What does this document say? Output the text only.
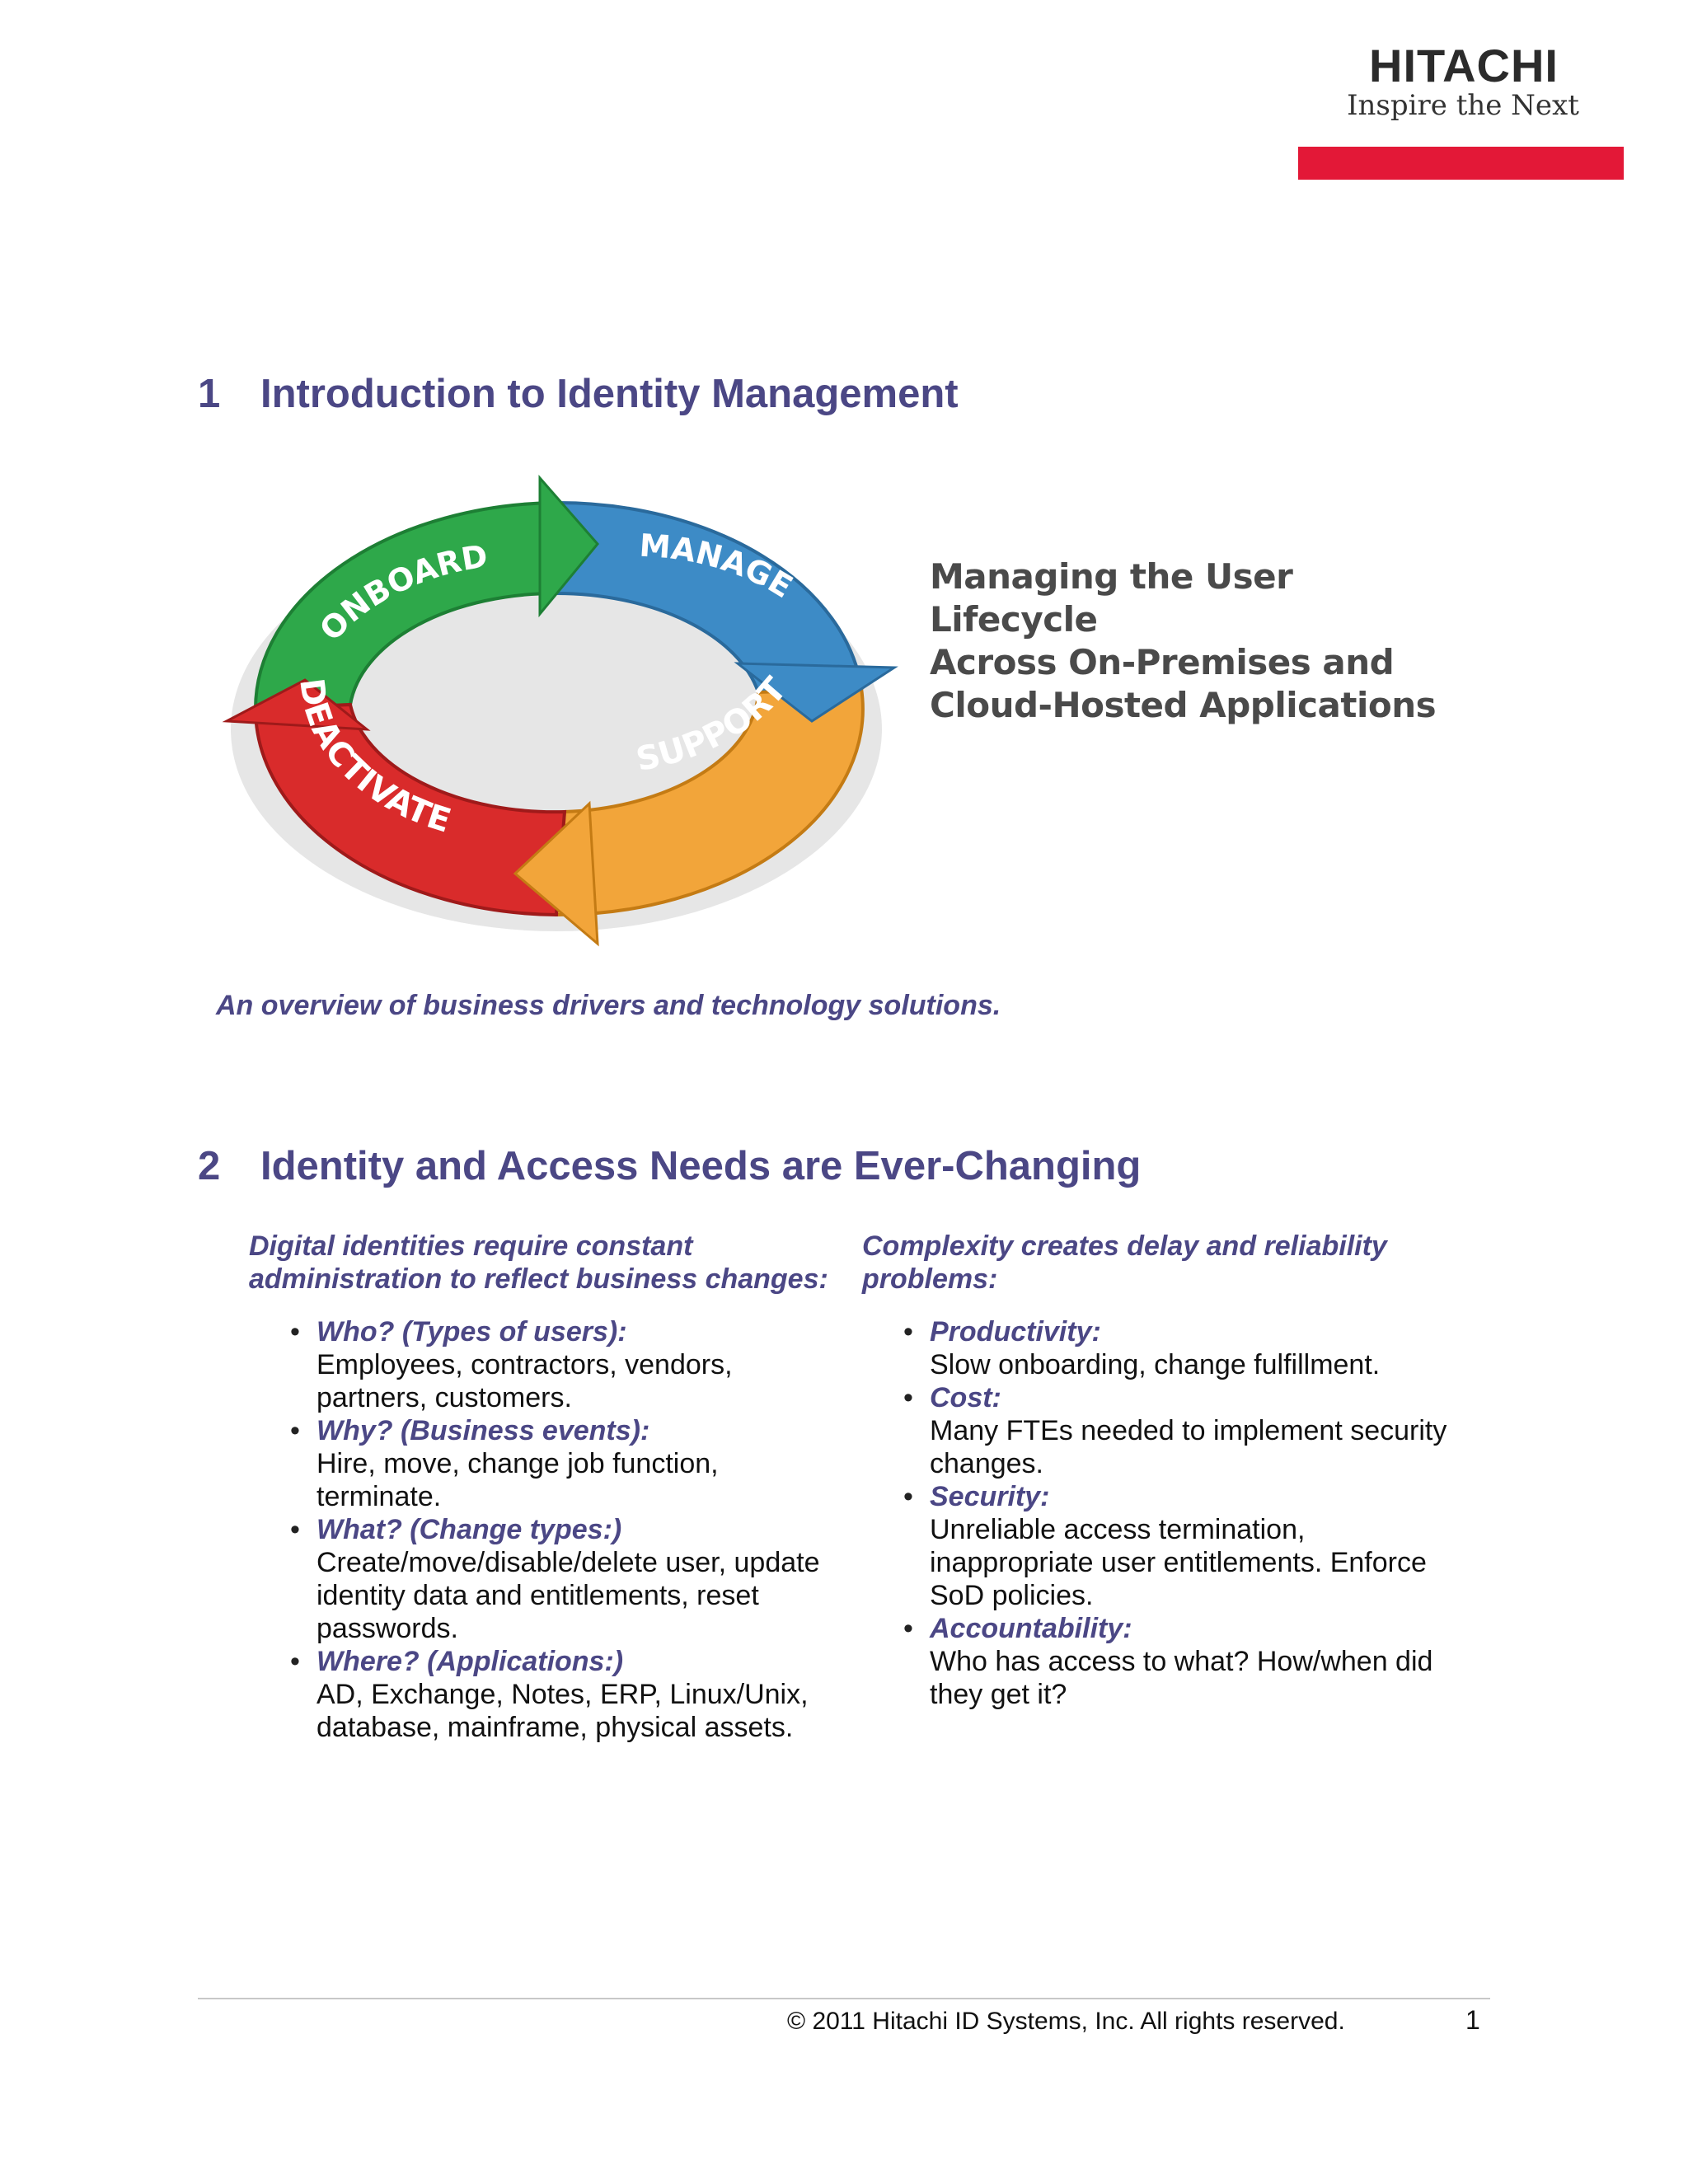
HITACHI
Inspire the Next
1 Introduction to Identity Management
ONBOARD	MANAGE
SUPPORT
DEACTIVATE
Managing the User Lifecycle
Across On-Premises and
Cloud-Hosted Applications
An overview of business drivers and technology solutions.
2 Identity and Access Needs are Ever-Changing
Digital identities require constant administration to reflect business changes:
• Who? (Types of users):
Employees, contractors, vendors, partners, customers.
• Why? (Business events):
Hire, move, change job function, terminate.
• What? (Change types:)
Create/move/disable/delete user, update identity data and entitlements, reset passwords.
• Where? (Applications:)
AD, Exchange, Notes, ERP, Linux/Unix, database, mainframe, physical assets.
Complexity creates delay and reliability problems:
• Productivity:
Slow onboarding, change fulfillment.
• Cost:
Many FTEs needed to implement security changes.
• Security:
Unreliable access termination, inappropriate user entitlements. Enforce SoD policies.
• Accountability:
Who has access to what? How/when did they get it?
© 2011 Hitachi ID Systems, Inc. All rights reserved.	1
